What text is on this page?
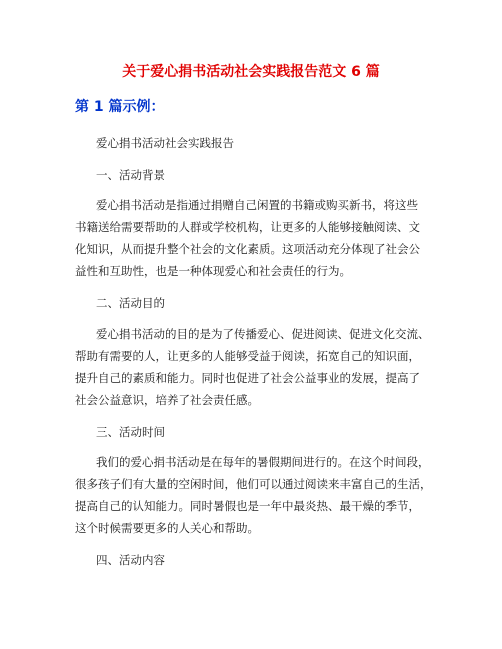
关于爱心捐书活动社会实践报告范文 6 篇
第 1 篇示例：
爱心捐书活动社会实践报告
一、活动背景
爱心捐书活动是指通过捐赠自己闲置的书籍或购买新书，将这些
书籍送给需要帮助的人群或学校机构，让更多的人能够接触阅读、文
化知识，从而提升整个社会的文化素质。这项活动充分体现了社会公
益性和互助性，也是一种体现爱心和社会责任的行为。
二、活动目的
爱心捐书活动的目的是为了传播爱心、促进阅读、促进文化交流、
帮助有需要的人，让更多的人能够受益于阅读，拓宽自己的知识面，
提升自己的素质和能力。同时也促进了社会公益事业的发展，提高了
社会公益意识，培养了社会责任感。
三、活动时间
我们的爱心捐书活动是在每年的暑假期间进行的。在这个时间段，
很多孩子们有大量的空闲时间，他们可以通过阅读来丰富自己的生活，
提高自己的认知能力。同时暑假也是一年中最炎热、最干燥的季节，
这个时候需要更多的人关心和帮助。
四、活动内容
